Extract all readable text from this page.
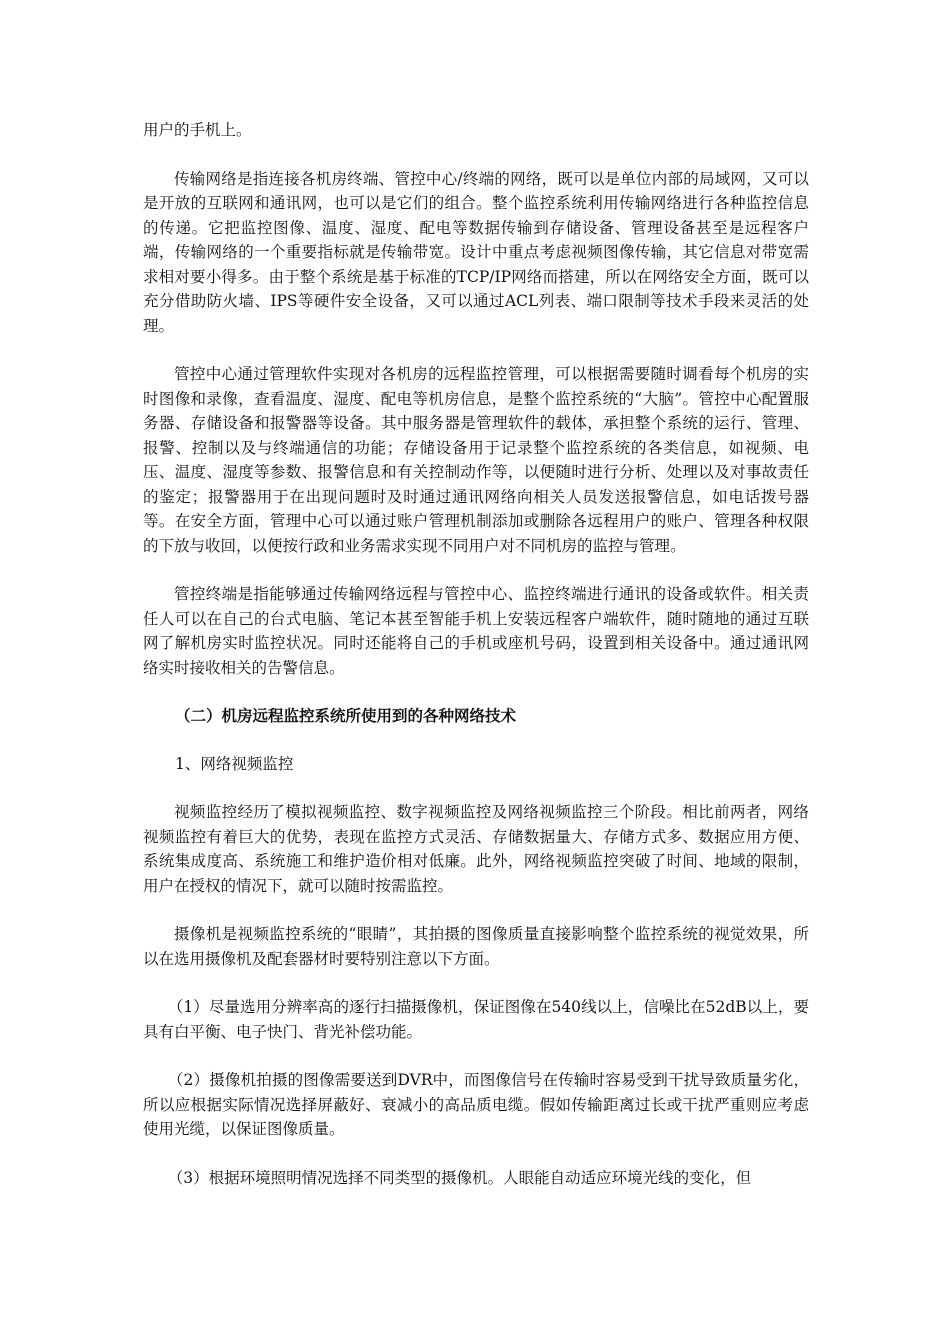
用户的手机上。

传输网络是指连接各机房终端、管控中心/终端的网络，既可以是单位内部的局域网，又可以是开放的互联网和通讯网，也可以是它们的组合。整个监控系统利用传输网络进行各种监控信息的传递。它把监控图像、温度、湿度、配电等数据传输到存储设备、管理设备甚至是远程客户端，传输网络的一个重要指标就是传输带宽。设计中重点考虑视频图像传输，其它信息对带宽需求相对要小得多。由于整个系统是基于标准的TCP/IP网络而搭建，所以在网络安全方面，既可以充分借助防火墙、IPS等硬件安全设备，又可以通过ACL列表、端口限制等技术手段来灵活的处理。

管控中心通过管理软件实现对各机房的远程监控管理，可以根据需要随时调看每个机房的实时图像和录像，查看温度、湿度、配电等机房信息，是整个监控系统的“大脑”。管控中心配置服务器、存储设备和报警器等设备。其中服务器是管理软件的载体，承担整个系统的运行、管理、报警、控制以及与终端通信的功能；存储设备用于记录整个监控系统的各类信息，如视频、电压、温度、湿度等参数、报警信息和有关控制动作等，以便随时进行分析、处理以及对事故责任的鉴定；报警器用于在出现问题时及时通过通讯网络向相关人员发送报警信息，如电话拨号器等。在安全方面，管理中心可以通过账户管理机制添加或删除各远程用户的账户、管理各种权限的下放与收回，以便按行政和业务需求实现不同用户对不同机房的监控与管理。

管控终端是指能够通过传输网络远程与管控中心、监控终端进行通讯的设备或软件。相关责任人可以在自己的台式电脑、笔记本甚至智能手机上安装远程客户端软件，随时随地的通过互联网了解机房实时监控状况。同时还能将自己的手机或座机号码，设置到相关设备中。通过通讯网络实时接收相关的告警信息。

（二）机房远程监控系统所使用到的各种网络技术

1、网络视频监控

视频监控经历了模拟视频监控、数字视频监控及网络视频监控三个阶段。相比前两者，网络视频监控有着巨大的优势，表现在监控方式灵活、存储数据量大、存储方式多、数据应用方便、系统集成度高、系统施工和维护造价相对低廉。此外，网络视频监控突破了时间、地域的限制，用户在授权的情况下，就可以随时按需监控。

摄像机是视频监控系统的“眼睛”，其拍摄的图像质量直接影响整个监控系统的视觉效果，所以在选用摄像机及配套器材时要特别注意以下方面。

（1）尽量选用分辨率高的逐行扫描摄像机，保证图像在540线以上，信噪比在52dB以上，要具有白平衡、电子快门、背光补偿功能。

（2）摄像机拍摄的图像需要送到DVR中，而图像信号在传输时容易受到干扰导致质量劣化，所以应根据实际情况选择屏蔽好、衰减小的高品质电缆。假如传输距离过长或干扰严重则应考虑使用光缆，以保证图像质量。

（3）根据环境照明情况选择不同类型的摄像机。人眼能自动适应环境光线的变化，但
